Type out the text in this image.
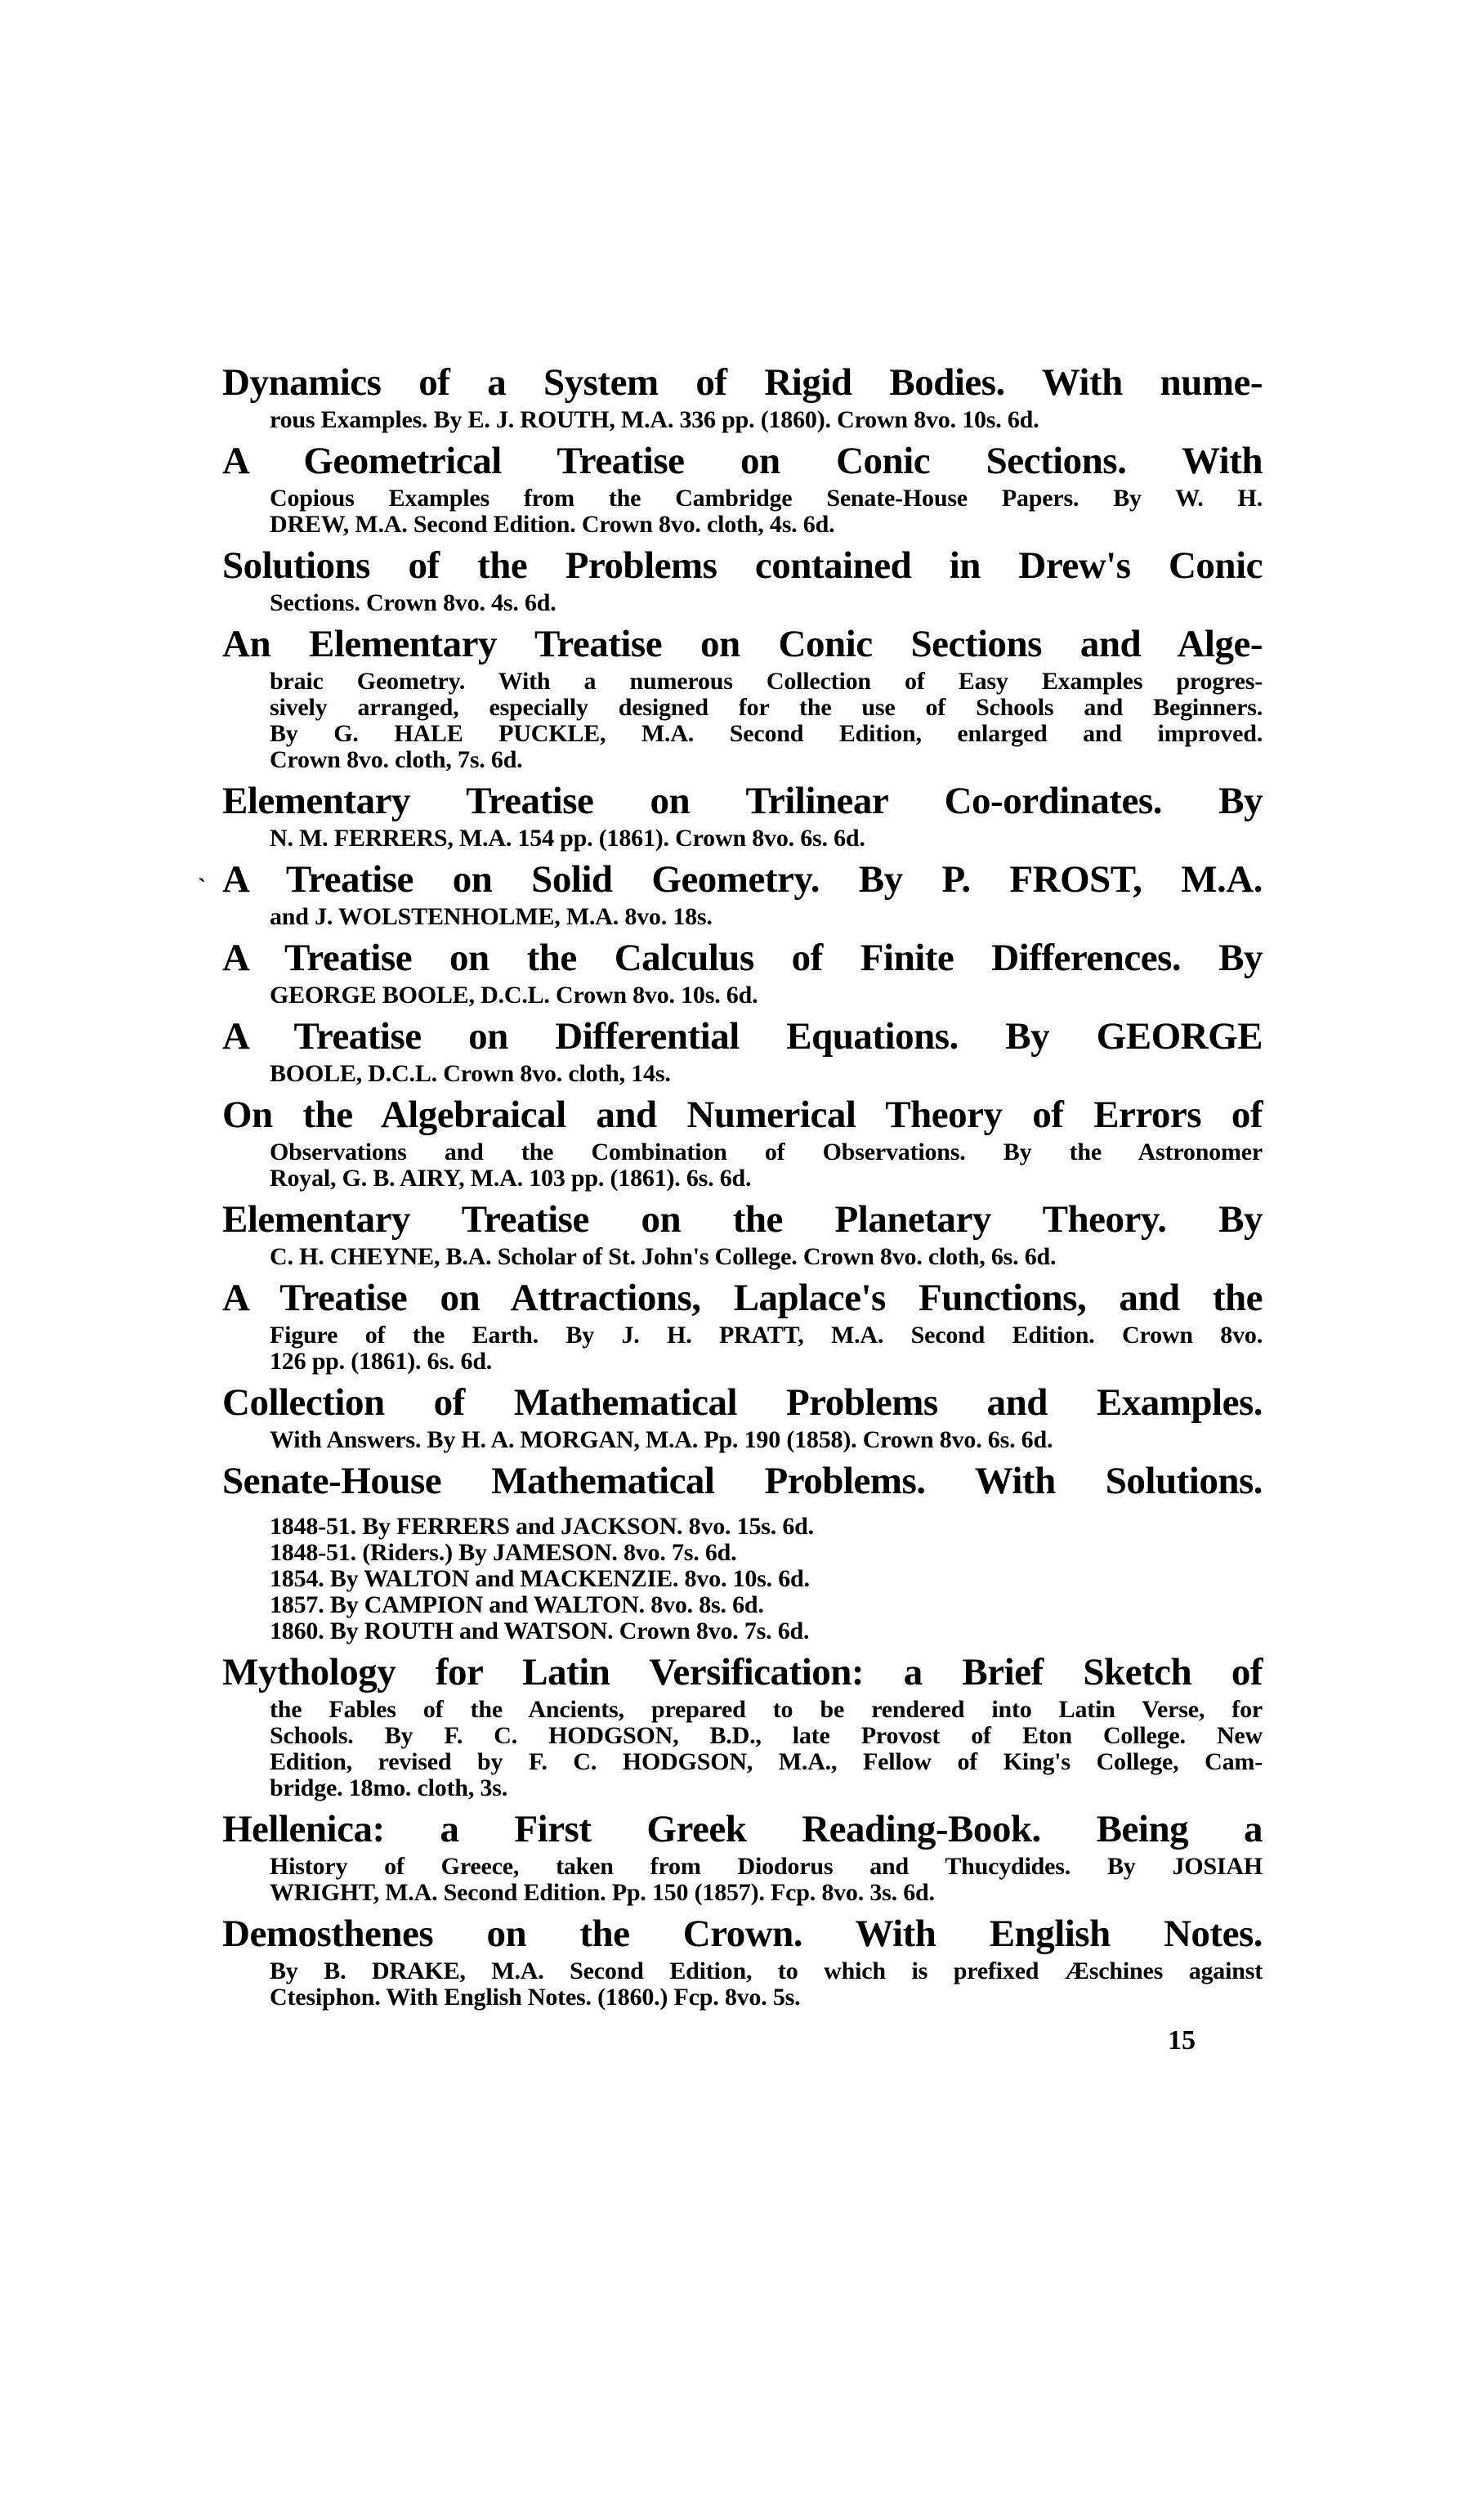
Dynamics of a System of Rigid Bodies. With nume-
rous Examples. By E. J. ROUTH, M.A. 336 pp. (1860). Crown 8vo. 10s. 6d.
A Geometrical Treatise on Conic Sections. With
Copious Examples from the Cambridge Senate-House Papers. By W. H.
DREW, M.A. Second Edition. Crown 8vo. cloth, 4s. 6d.
Solutions of the Problems contained in Drew's Conic
Sections. Crown 8vo. 4s. 6d.
An Elementary Treatise on Conic Sections and Alge-
braic Geometry. With a numerous Collection of Easy Examples progres-
sively arranged, especially designed for the use of Schools and Beginners.
By G. HALE PUCKLE, M.A. Second Edition, enlarged and improved.
Crown 8vo. cloth, 7s. 6d.
Elementary Treatise on Trilinear Co-ordinates. By
N. M. FERRERS, M.A. 154 pp. (1861). Crown 8vo. 6s. 6d.
` A Treatise on Solid Geometry. By P. FROST, M.A.
and J. WOLSTENHOLME, M.A. 8vo. 18s.
A Treatise on the Calculus of Finite Differences. By
GEORGE BOOLE, D.C.L. Crown 8vo. 10s. 6d.
A Treatise on Differential Equations. By GEORGE
BOOLE, D.C.L. Crown 8vo. cloth, 14s.
On the Algebraical and Numerical Theory of Errors of
Observations and the Combination of Observations. By the Astronomer
Royal, G. B. AIRY, M.A. 103 pp. (1861). 6s. 6d.
Elementary Treatise on the Planetary Theory. By
C. H. CHEYNE, B.A. Scholar of St. John's College. Crown 8vo. cloth, 6s. 6d.
A Treatise on Attractions, Laplace's Functions, and the
Figure of the Earth. By J. H. PRATT, M.A. Second Edition. Crown 8vo.
126 pp. (1861). 6s. 6d.
Collection of Mathematical Problems and Examples.
With Answers. By H. A. MORGAN, M.A. Pp. 190 (1858). Crown 8vo. 6s. 6d.
Senate-House Mathematical Problems. With Solutions.
1848-51. By FERRERS and JACKSON. 8vo. 15s. 6d.
1848-51. (Riders.) By JAMESON. 8vo. 7s. 6d.
1854. By WALTON and MACKENZIE. 8vo. 10s. 6d.
1857. By CAMPION and WALTON. 8vo. 8s. 6d.
1860. By ROUTH and WATSON. Crown 8vo. 7s. 6d.
Mythology for Latin Versification: a Brief Sketch of
the Fables of the Ancients, prepared to be rendered into Latin Verse, for
Schools. By F. C. HODGSON, B.D., late Provost of Eton College. New
Edition, revised by F. C. HODGSON, M.A., Fellow of King's College, Cam-
bridge. 18mo. cloth, 3s.
Hellenica: a First Greek Reading-Book. Being a
History of Greece, taken from Diodorus and Thucydides. By JOSIAH
WRIGHT, M.A. Second Edition. Pp. 150 (1857). Fcp. 8vo. 3s. 6d.
Demosthenes on the Crown. With English Notes.
By B. DRAKE, M.A. Second Edition, to which is prefixed Æschines against
Ctesiphon. With English Notes. (1860.) Fcp. 8vo. 5s.
15
